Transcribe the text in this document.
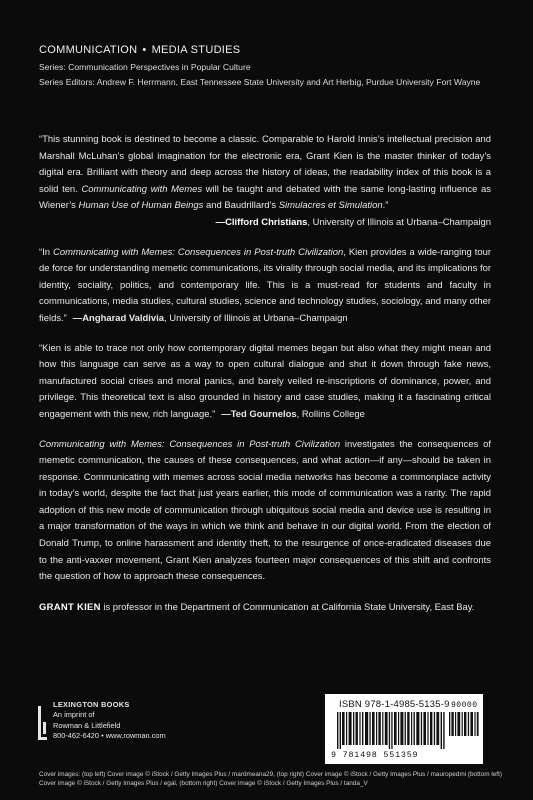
COMMUNICATION • MEDIA STUDIES
Series: Communication Perspectives in Popular Culture
Series Editors: Andrew F. Herrmann, East Tennessee State University and Art Herbig, Purdue University Fort Wayne

“This stunning book is destined to become a classic. Comparable to Harold Innis’s intellectual precision and Marshall McLuhan’s global imagination for the electronic era, Grant Kien is the master thinker of today’s digital era. Brilliant with theory and deep across the history of ideas, the readability index of this book is a solid ten. Communicating with Memes will be taught and debated with the same long-lasting influence as Wiener’s Human Use of Human Beings and Baudrillard’s Simulacres et Simulation.”

—Clifford Christians, University of Illinois at Urbana–Champaign

“In Communicating with Memes: Consequences in Post-truth Civilization, Kien provides a wide-ranging tour de force for understanding memetic communications, its virality through social media, and its implications for identity, sociality, politics, and contemporary life. This is a must-read for students and faculty in communications, media studies, cultural studies, science and technology studies, sociology, and many other fields.” —Angharad Valdivia, University of Illinois at Urbana–Champaign

“Kien is able to trace not only how contemporary digital memes began but also what they might mean and how this language can serve as a way to open cultural dialogue and shut it down through fake news, manufactured social crises and moral panics, and barely veiled re-inscriptions of dominance, power, and privilege. This theoretical text is also grounded in history and case studies, making it a fascinating critical engagement with this new, rich language.” —Ted Gournelos, Rollins College

Communicating with Memes: Consequences in Post-truth Civilization investigates the consequences of memetic communication, the causes of these consequences, and what action—if any—should be taken in response. Communicating with memes across social media networks has become a commonplace activity in today’s world, despite the fact that just years earlier, this mode of communication was a rarity. The rapid adoption of this new mode of communication through ubiquitous social media and device use is resulting in a major transformation of the ways in which we think and behave in our digital world. From the election of Donald Trump, to online harassment and identity theft, to the resurgence of once-eradicated diseases due to the anti-vaxxer movement, Grant Kien analyzes fourteen major consequences of this shift and confronts the question of how to approach these consequences.

GRANT KIEN is professor in the Department of Communication at California State University, East Bay.

LEXINGTON BOOKS
An imprint of
Rowman & Littlefield
800-462-6420 • www.rowman.com
ISBN 978-1-4985-5135-9 90000
9 781498 551359
Cover images: (top left) Cover image © iStock / Getty Images Plus / mardmeana29, (top right) Cover image © iStock / Getty Images Plus / mauropedmi (bottom left) Cover image © iStock / Getty Images Plus / egal, (bottom right) Cover image © iStock / Getty Images Plus / tanda_V
